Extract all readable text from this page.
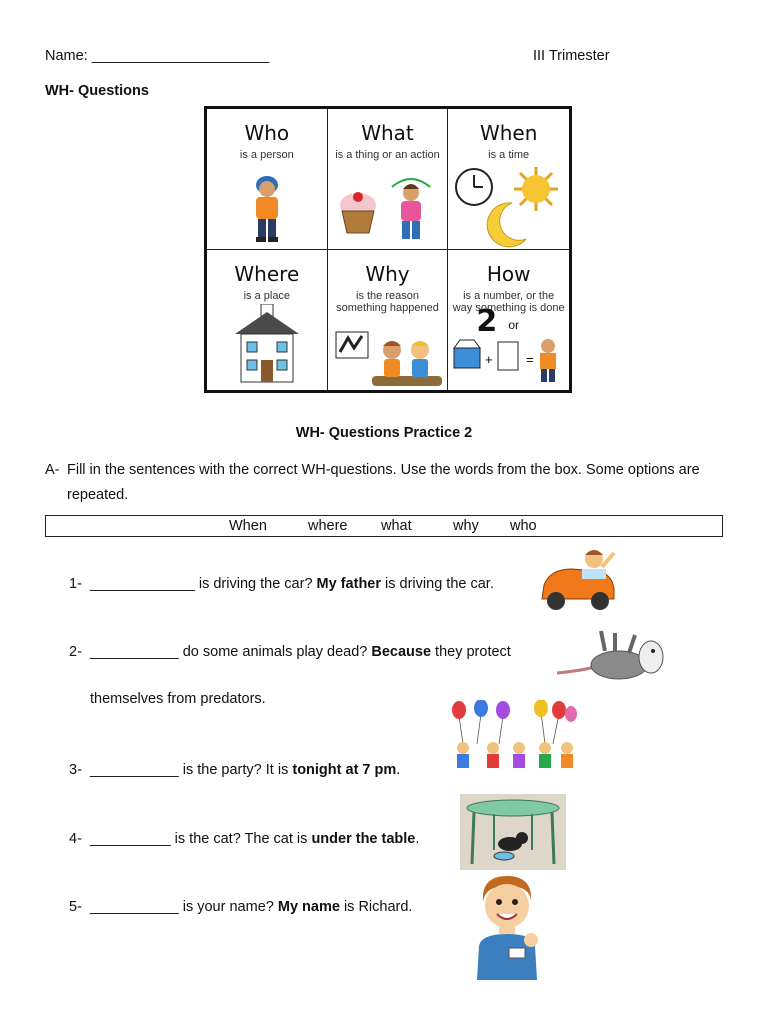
Name: ______________________	III Trimester
WH- Questions
Who
is a person
What
is a thing or an action
When
is a time
Where
is a place
Why
is the reason something happened
How
is a number, or the way something is done
2 or
+	=
WH- Questions Practice 2
A- Fill in the sentences with the correct WH-questions. Use the words from the box. Some options are repeated.
When	where what	why who
1- _____________ is driving the car? My father is driving the car.
2- ___________ do some animals play dead? Because they protect
themselves from predators.
3- ___________ is the party? It is tonight at 7 pm.
4- __________ is the cat? The cat is under the table.
5- ___________ is your name? My name is Richard.
